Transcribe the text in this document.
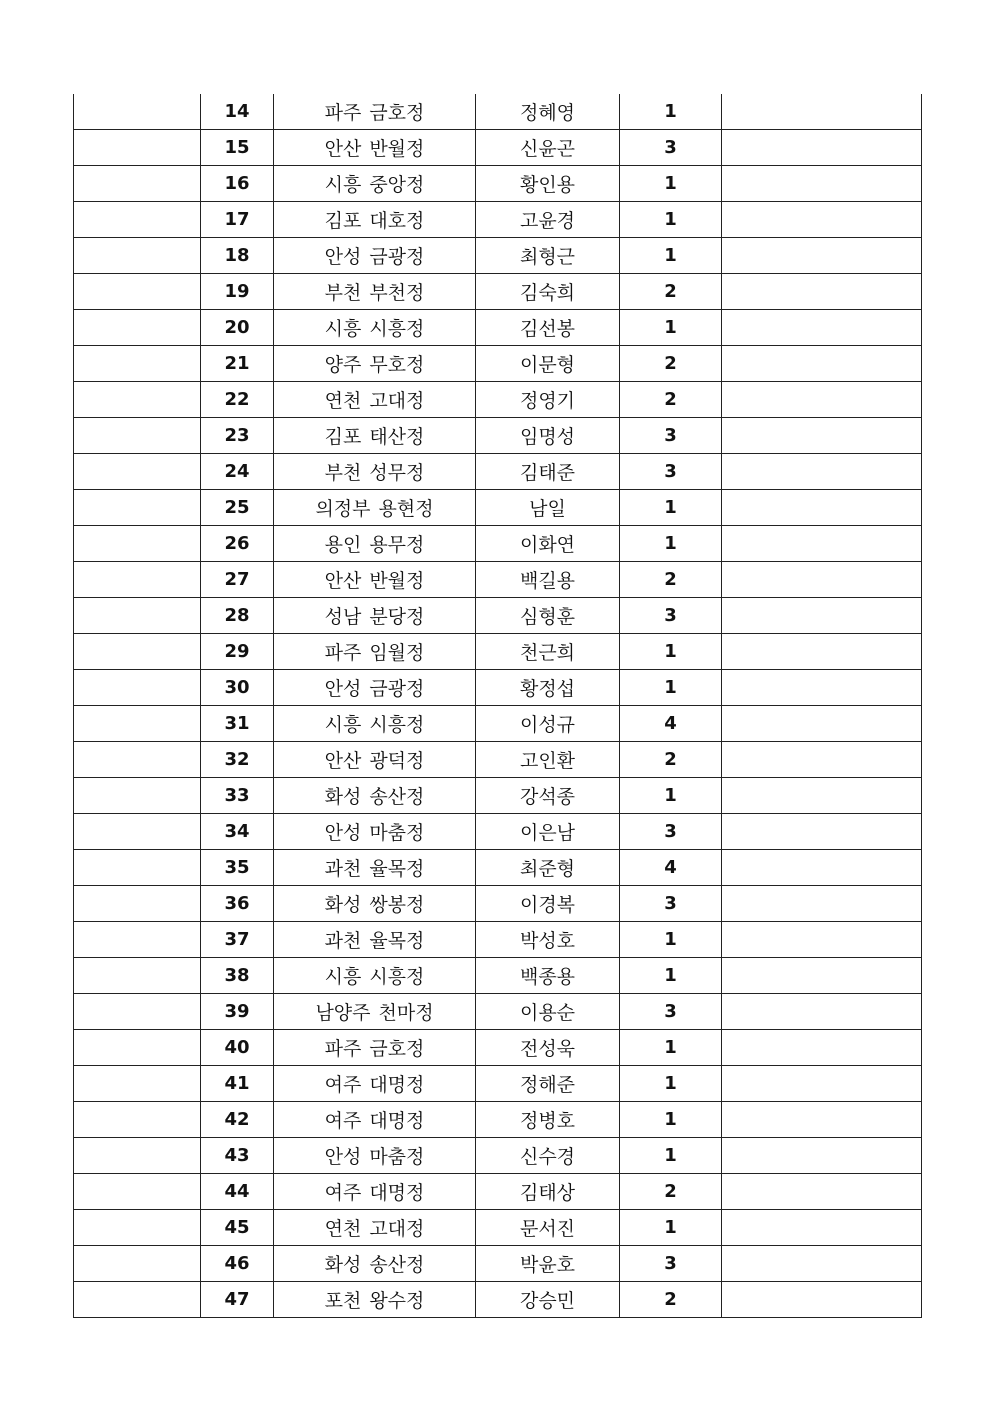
	14	파주 금호정	정혜영	1	
	15	안산 반월정	신윤곤	3	
	16	시흥 중앙정	황인용	1	
	17	김포 대호정	고윤경	1	
	18	안성 금광정	최형근	1	
	19	부천 부천정	김숙희	2	
	20	시흥 시흥정	김선봉	1	
	21	양주 무호정	이문형	2	
	22	연천 고대정	정영기	2	
	23	김포 태산정	임명성	3	
	24	부천 성무정	김태준	3	
	25	의정부 용현정	남일	1	
	26	용인 용무정	이화연	1	
	27	안산 반월정	백길용	2	
	28	성남 분당정	심형훈	3	
	29	파주 임월정	천근희	1	
	30	안성 금광정	황정섭	1	
	31	시흥 시흥정	이성규	4	
	32	안산 광덕정	고인환	2	
	33	화성 송산정	강석종	1	
	34	안성 마춤정	이은남	3	
	35	과천 율목정	최준형	4	
	36	화성 쌍봉정	이경복	3	
	37	과천 율목정	박성호	1	
	38	시흥 시흥정	백종용	1	
	39	남양주 천마정	이용순	3	
	40	파주 금호정	전성욱	1	
	41	여주 대명정	정해준	1	
	42	여주 대명정	정병호	1	
	43	안성 마춤정	신수경	1	
	44	여주 대명정	김태상	2	
	45	연천 고대정	문서진	1	
	46	화성 송산정	박윤호	3	
	47	포천 왕수정	강승민	2	
